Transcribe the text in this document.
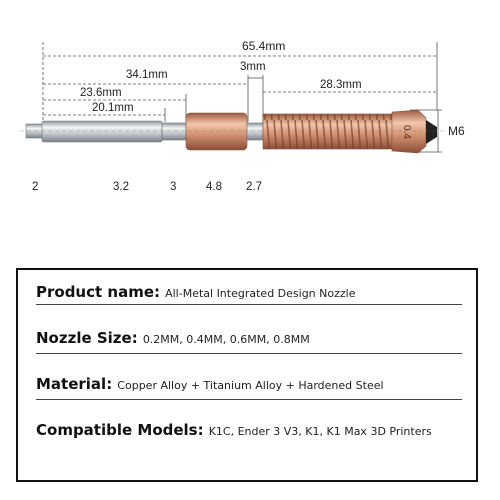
0.4
65.4mm
34.1mm
3mm
28.3mm
23.6mm
20.1mm
M6
2	3.2	3	4.8 2.7
Product name: All-Metal Integrated Design Nozzle
Nozzle Size: 0.2MM, 0.4MM, 0.6MM, 0.8MM
Material: Copper Alloy + Titanium Alloy + Hardened Steel
Compatible Models: K1C, Ender 3 V3, K1, K1 Max 3D Printers
